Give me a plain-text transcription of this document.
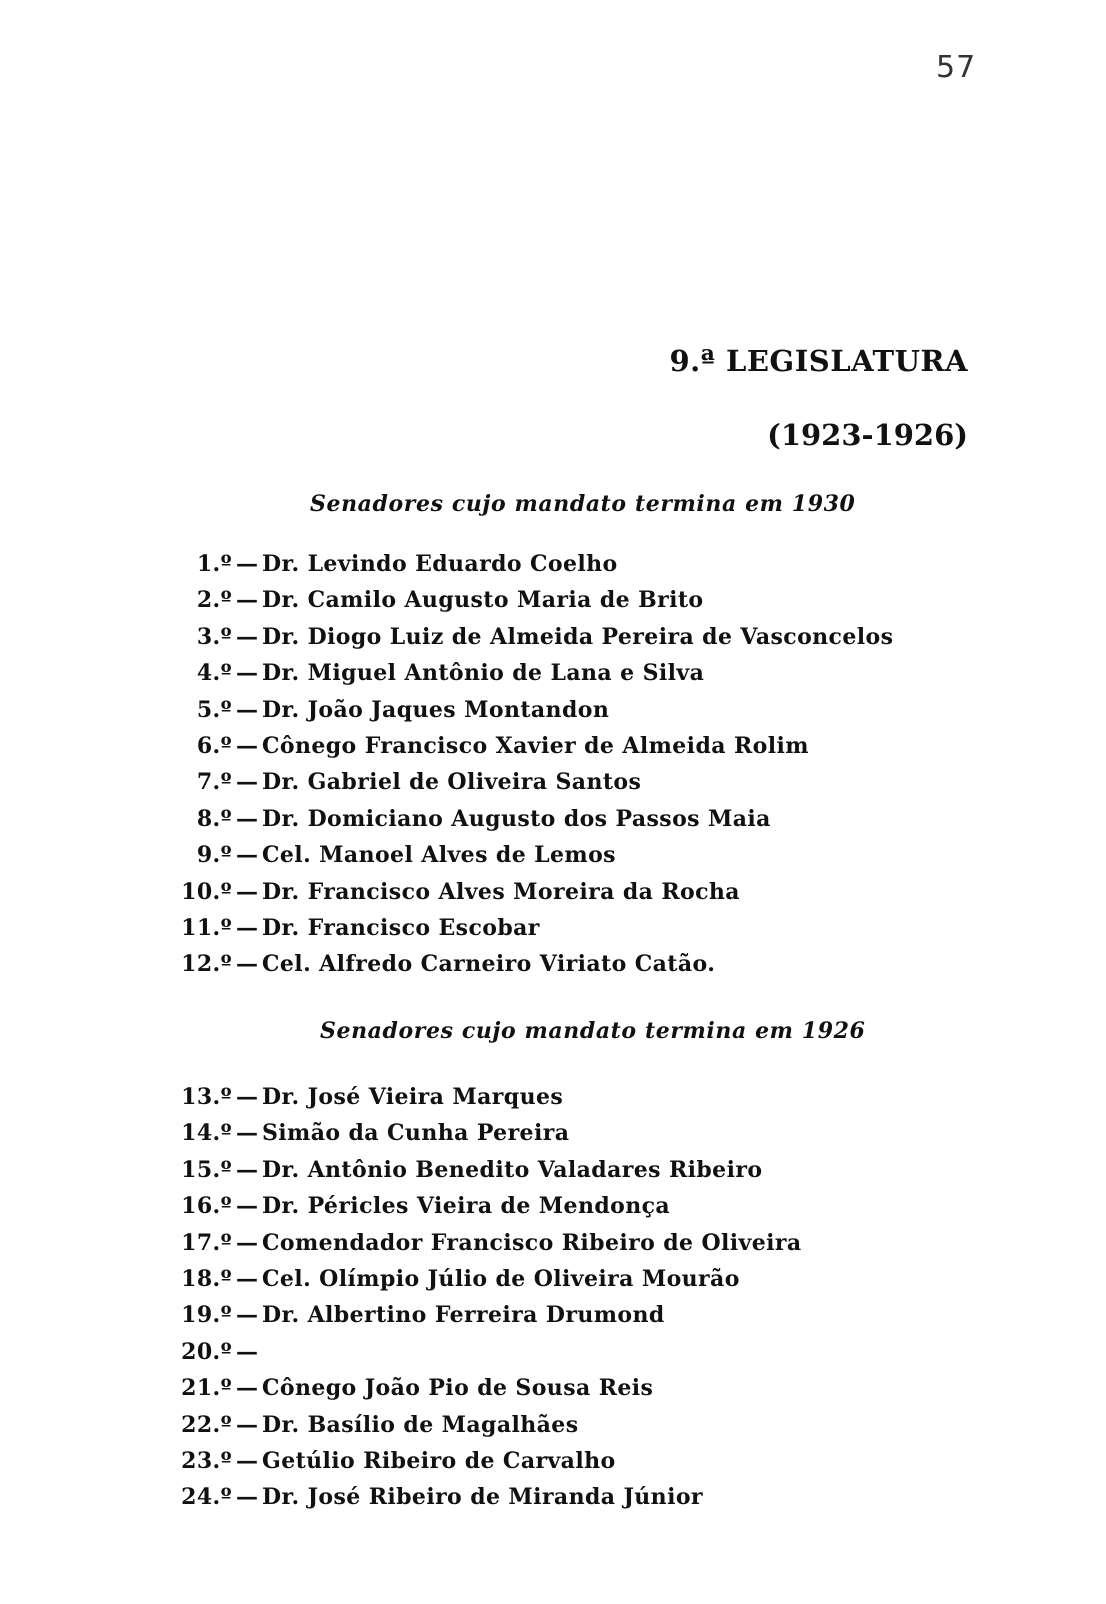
57
9.ª LEGISLATURA
(1923-1926)
Senadores cujo mandato termina em 1930
1.º — Dr. Levindo Eduardo Coelho
2.º — Dr. Camilo Augusto Maria de Brito
3.º — Dr. Diogo Luiz de Almeida Pereira de Vasconcelos
4.º — Dr. Miguel Antônio de Lana e Silva
5.º — Dr. João Jaques Montandon
6.º — Cônego Francisco Xavier de Almeida Rolim
7.º — Dr. Gabriel de Oliveira Santos
8.º — Dr. Domiciano Augusto dos Passos Maia
9.º — Cel. Manoel Alves de Lemos
10.º — Dr. Francisco Alves Moreira da Rocha
11.º — Dr. Francisco Escobar
12.º — Cel. Alfredo Carneiro Viriato Catão.
Senadores cujo mandato termina em 1926
13.º — Dr. José Vieira Marques
14.º — Simão da Cunha Pereira
15.º — Dr. Antônio Benedito Valadares Ribeiro
16.º — Dr. Péricles Vieira de Mendonça
17.º — Comendador Francisco Ribeiro de Oliveira
18.º — Cel. Olímpio Júlio de Oliveira Mourão
19.º — Dr. Albertino Ferreira Drumond
20.º —
21.º — Cônego João Pio de Sousa Reis
22.º — Dr. Basílio de Magalhães
23.º — Getúlio Ribeiro de Carvalho
24.º — Dr. José Ribeiro de Miranda Júnior
